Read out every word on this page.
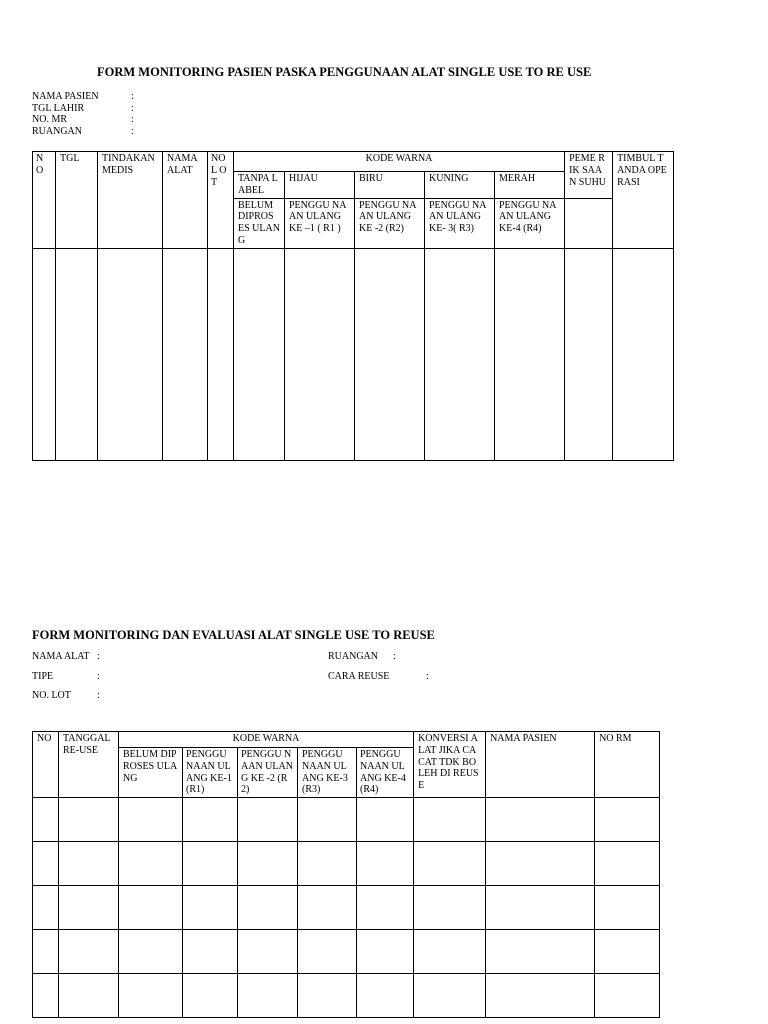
FORM MONITORING PASIEN PASKA PENGGUNAAN ALAT SINGLE USE TO RE USE
NAMA PASIEN	:
TGL LAHIR	:
NO. MR	:
RUANGAN	:
N O	TGL	TINDAKAN MEDIS	NAMA ALAT	NO L OT	KODE WARNA					PEME RIK SAAN SUHU	TIMBUL TANDA OPERASI
					TANPA LABEL	HIJAU	BIRU	KUNING	MERAH		
					BELUM DIPROS ES ULANG	PENGGU NAAN ULANG KE –1 ( R1 )	PENGGU NAAN ULANG KE -2 (R2)	PENGGU NAAN ULANG KE- 3( R3)	PENGGU NAAN ULANG KE-4 (R4)		

FORM MONITORING DAN EVALUASI ALAT SINGLE USE TO REUSE
NAMA ALAT :
TIPE	:
NO. LOT	:
RUANGAN :
CARA REUSE	:
NO	TANGGAL RE-USE	KODE WARNA					KONVERSI ALAT JIKA CACAT TDK BOLEH DI REUSE	NAMA PASIEN	NO RM
		BELUM DIPROSES ULANG	PENGGU NAAN ULANG KE-1(R1)	PENGGU NAAN ULANG KE -2 (R2)	PENGGU NAAN ULANG KE-3 (R3)	PENGGU NAAN ULANG KE-4 (R4)			
